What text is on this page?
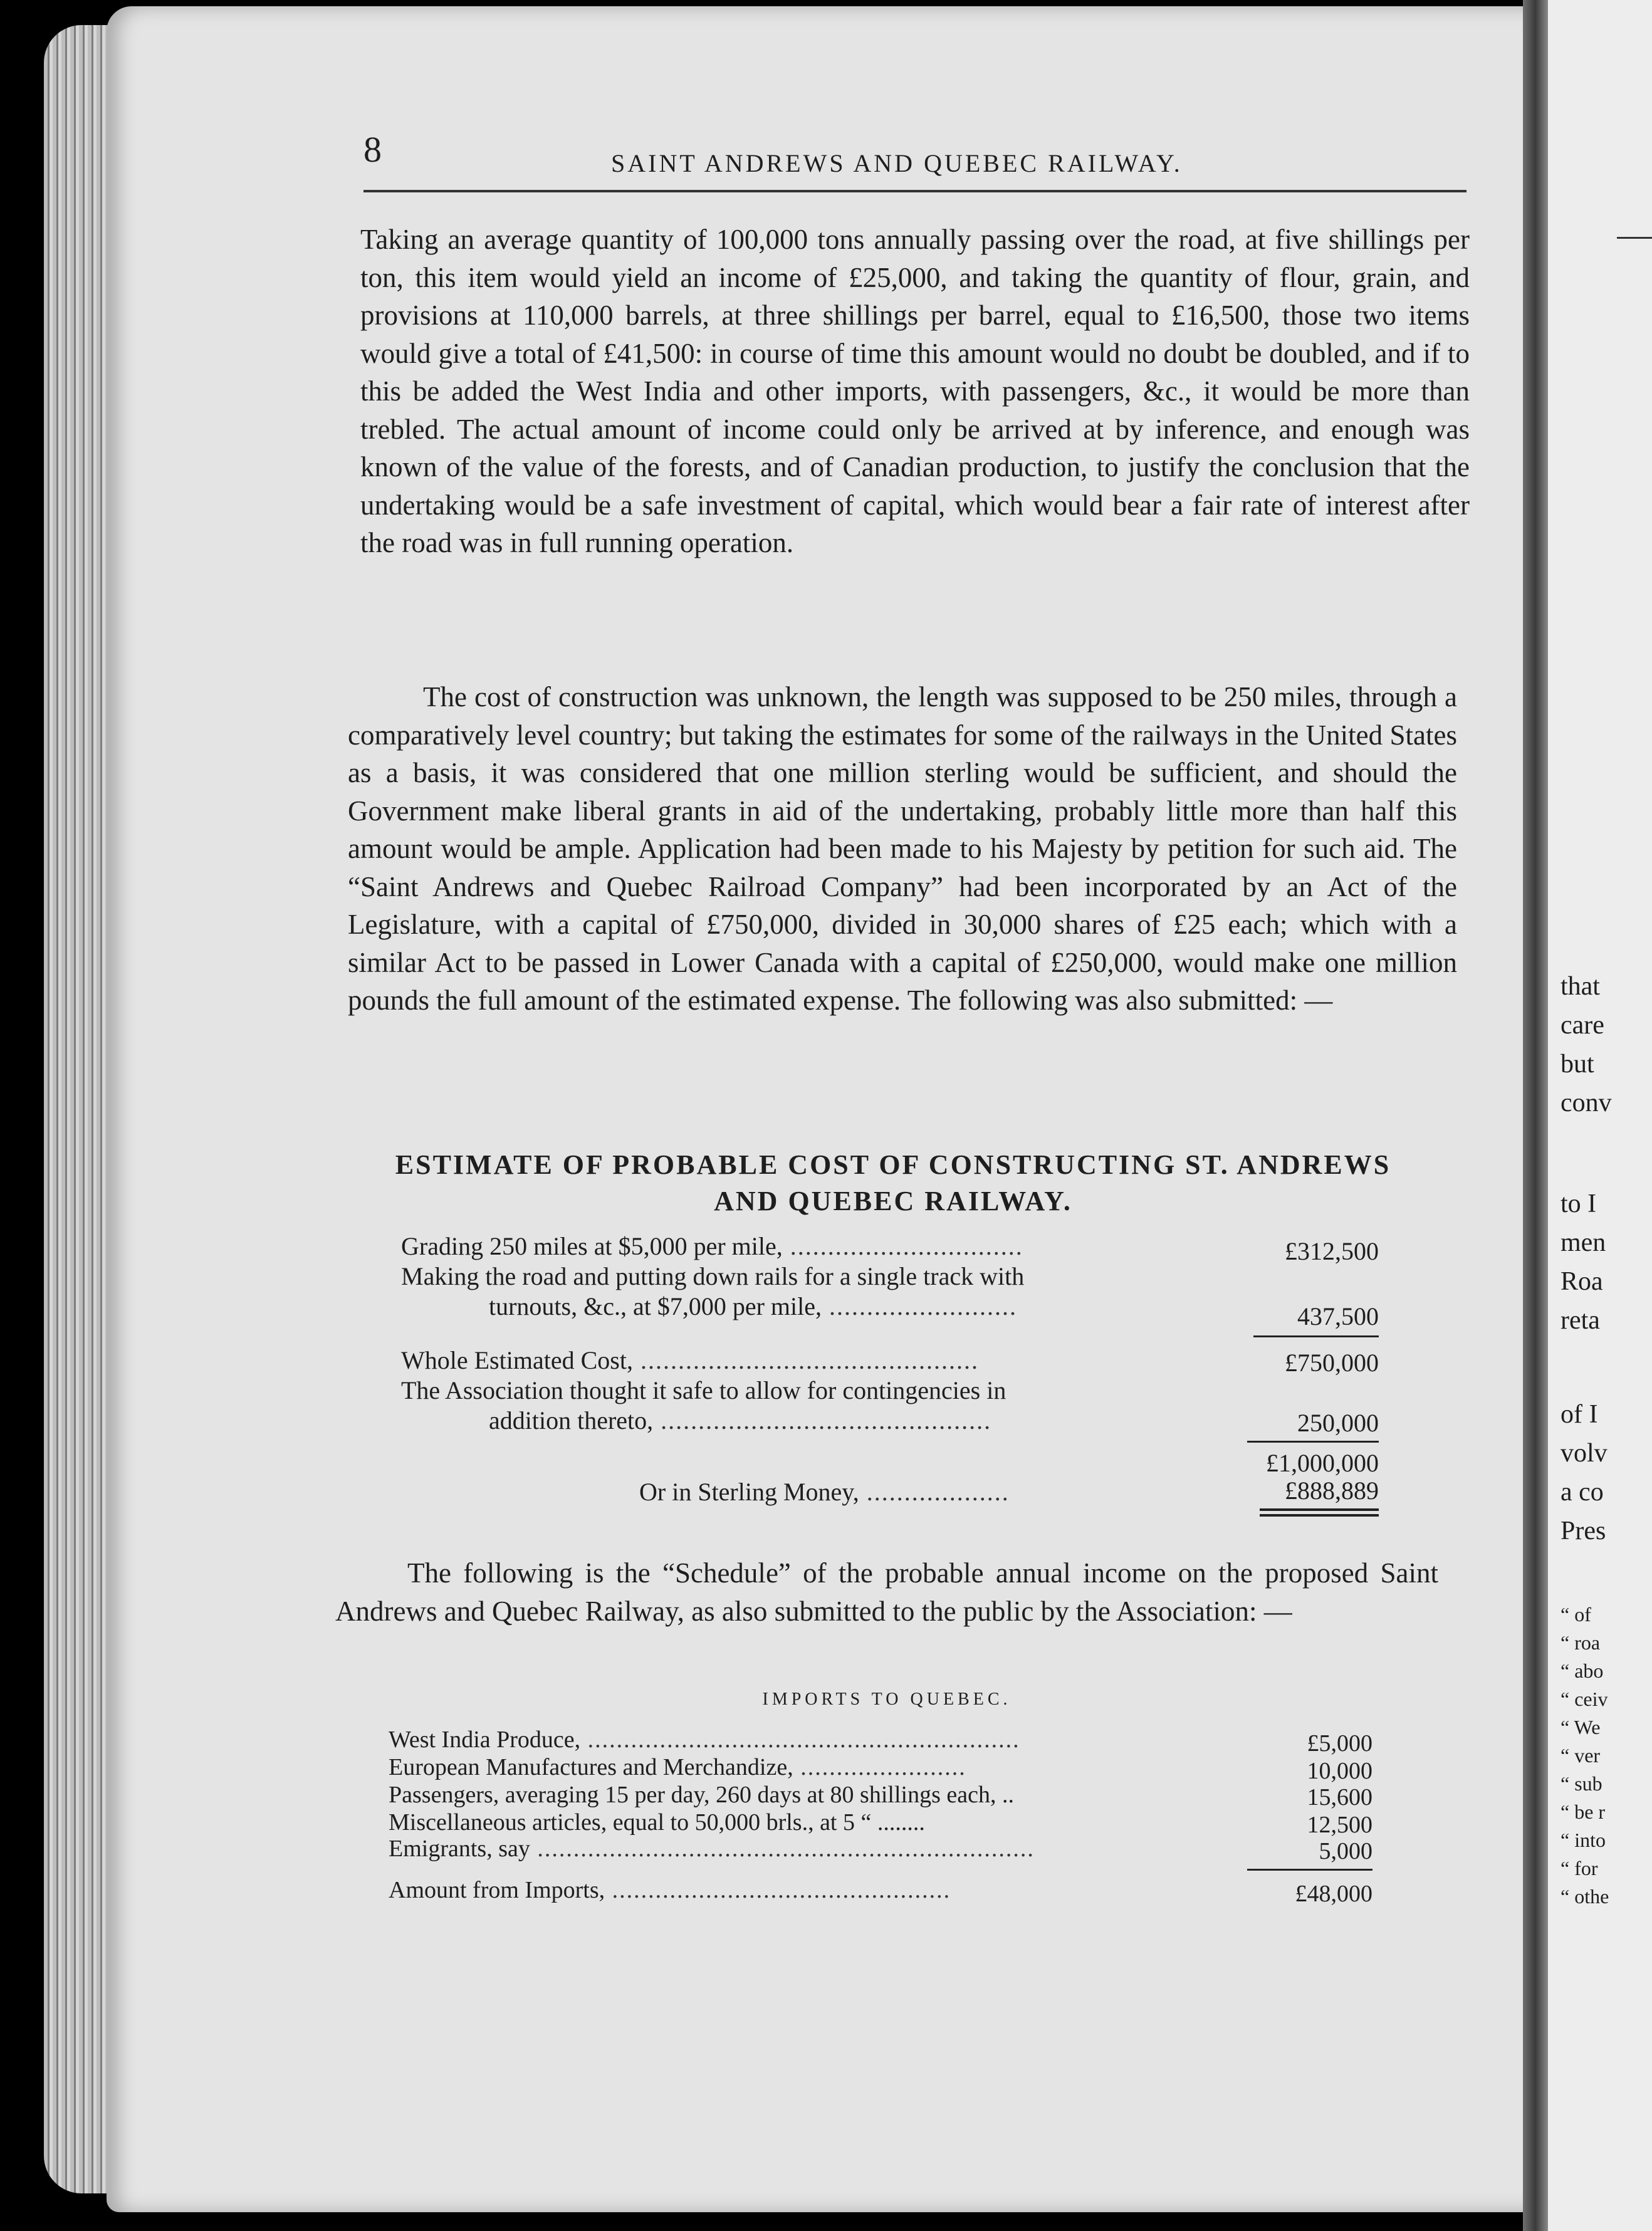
that
care
but
conv
to I
men
Roa
reta
of I
volv
a co
Pres
“ of
“ roa
“ abo
“ ceiv
“ We
“ ver
“ sub
“ be r
“ into
“ for
“ othe
8	SAINT ANDREWS AND QUEBEC RAILWAY.

Taking an average quantity of 100,000 tons annually passing over the road, at five shillings per ton, this item would yield an income of £25,000, and taking the quantity of flour, grain, and provisions at 110,000 barrels, at three shillings per barrel, equal to £16,500, those two items would give a total of £41,500: in course of time this amount would no doubt be doubled, and if to this be added the West India and other imports, with passengers, &c., it would be more than trebled. The actual amount of income could only be arrived at by inference, and enough was known of the value of the forests, and of Canadian production, to justify the conclusion that the undertaking would be a safe investment of capital, which would bear a fair rate of interest after the road was in full running operation.

The cost of construction was unknown, the length was supposed to be 250 miles, through a comparatively level country; but taking the estimates for some of the railways in the United States as a basis, it was considered that one million sterling would be sufficient, and should the Government make liberal grants in aid of the undertaking, probably little more than half this amount would be ample. Application had been made to his Majesty by petition for such aid. The “Saint Andrews and Quebec Railroad Company” had been incorporated by an Act of the Legislature, with a capital of £750,000, divided in 30,000 shares of £25 each; which with a similar Act to be passed in Lower Canada with a capital of £250,000, would make one million pounds the full amount of the estimated expense. The following was also submitted: —

ESTIMATE OF PROBABLE COST OF CONSTRUCTING ST. ANDREWS
AND QUEBEC RAILWAY.
Grading 250 miles at $5,000 per mile, ...............................	£312,500
Making the road and putting down rails for a single track with
turnouts, &c., at $7,000 per mile, .........................	437,500
Whole Estimated Cost, .............................................	£750,000
The Association thought it safe to allow for contingencies in
addition thereto, ............................................	250,000
£1,000,000
Or in Sterling Money, ...................	£888,889

The following is the “Schedule” of the probable annual income on the proposed Saint Andrews and Quebec Railway, as also submitted to the public by the Association: —

IMPORTS TO QUEBEC.
West India Produce, ............................................................	£5,000
European Manufactures and Merchandize, .......................	10,000
Passengers, averaging 15 per day, 260 days at 80 shillings each, ..	15,600
Miscellaneous articles, equal to 50,000 brls., at 5 “ ........	12,500
Emigrants, say .....................................................................	5,000
Amount from Imports, ...............................................	£48,000
